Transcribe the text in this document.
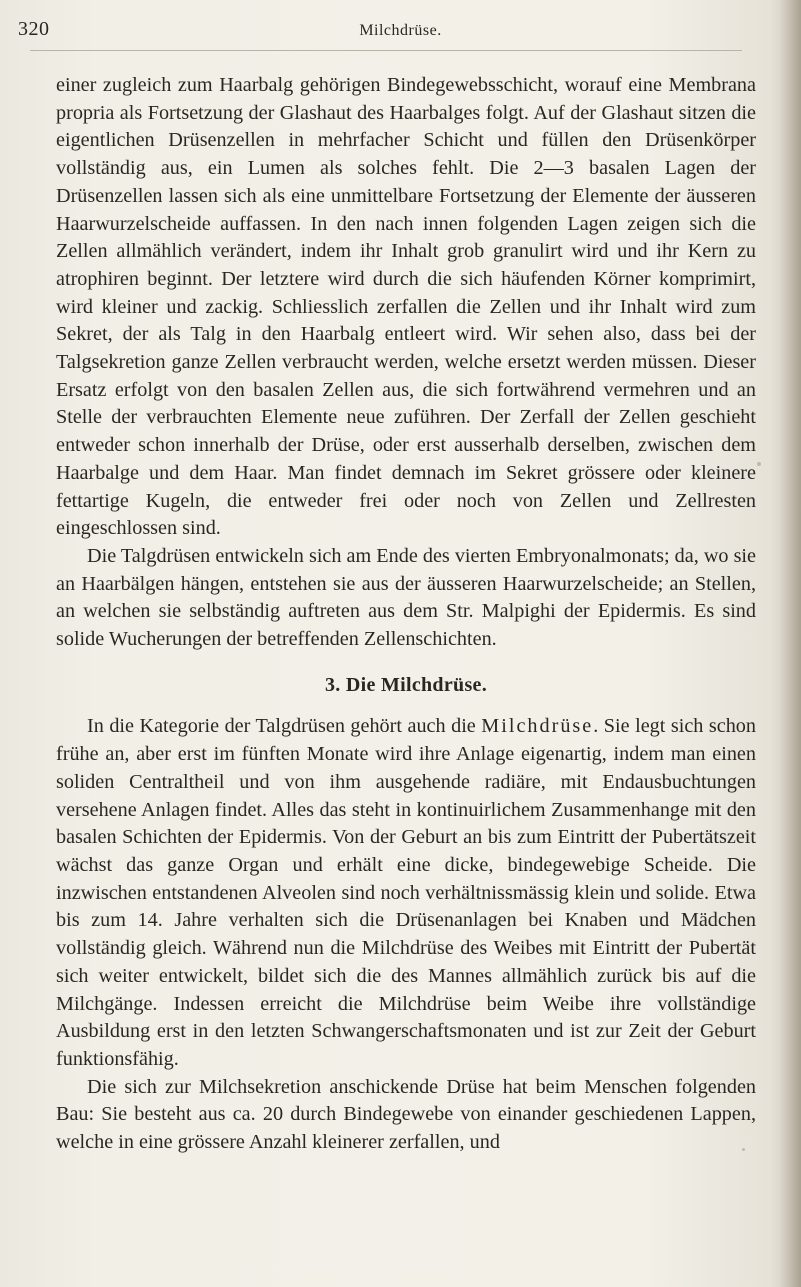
320	Milchdrüse.

einer zugleich zum Haarbalg gehörigen Bindegewebsschicht, worauf eine Membrana propria als Fortsetzung der Glashaut des Haarbalges folgt. Auf der Glashaut sitzen die eigentlichen Drüsenzellen in mehrfacher Schicht und füllen den Drüsenkörper vollständig aus, ein Lumen als solches fehlt. Die 2—3 basalen Lagen der Drüsenzellen lassen sich als eine unmittelbare Fortsetzung der Elemente der äusseren Haarwurzelscheide auffassen. In den nach innen folgenden Lagen zeigen sich die Zellen allmählich verändert, indem ihr Inhalt grob granulirt wird und ihr Kern zu atrophiren beginnt. Der letztere wird durch die sich häufenden Körner komprimirt, wird kleiner und zackig. Schliesslich zerfallen die Zellen und ihr Inhalt wird zum Sekret, der als Talg in den Haarbalg entleert wird. Wir sehen also, dass bei der Talgsekretion ganze Zellen verbraucht werden, welche ersetzt werden müssen. Dieser Ersatz erfolgt von den basalen Zellen aus, die sich fortwährend vermehren und an Stelle der verbrauchten Elemente neue zuführen. Der Zerfall der Zellen geschieht entweder schon innerhalb der Drüse, oder erst ausserhalb derselben, zwischen dem Haarbalge und dem Haar. Man findet demnach im Sekret grössere oder kleinere fettartige Kugeln, die entweder frei oder noch von Zellen und Zellresten eingeschlossen sind.

Die Talgdrüsen entwickeln sich am Ende des vierten Embryonalmonats; da, wo sie an Haarbälgen hängen, entstehen sie aus der äusseren Haarwurzelscheide; an Stellen, an welchen sie selbständig auftreten aus dem Str. Malpighi der Epidermis. Es sind solide Wucherungen der betreffenden Zellenschichten.

3. Die Milchdrüse.

In die Kategorie der Talgdrüsen gehört auch die Milchdrüse. Sie legt sich schon frühe an, aber erst im fünften Monate wird ihre Anlage eigenartig, indem man einen soliden Centraltheil und von ihm ausgehende radiäre, mit Endausbuchtungen versehene Anlagen findet. Alles das steht in kontinuirlichem Zusammenhange mit den basalen Schichten der Epidermis. Von der Geburt an bis zum Eintritt der Pubertätszeit wächst das ganze Organ und erhält eine dicke, bindegewebige Scheide. Die inzwischen entstandenen Alveolen sind noch verhältnissmässig klein und solide. Etwa bis zum 14. Jahre verhalten sich die Drüsenanlagen bei Knaben und Mädchen vollständig gleich. Während nun die Milchdrüse des Weibes mit Eintritt der Pubertät sich weiter entwickelt, bildet sich die des Mannes allmählich zurück bis auf die Milchgänge. Indessen erreicht die Milchdrüse beim Weibe ihre vollständige Ausbildung erst in den letzten Schwangerschaftsmonaten und ist zur Zeit der Geburt funktionsfähig.

Die sich zur Milchsekretion anschickende Drüse hat beim Menschen folgenden Bau: Sie besteht aus ca. 20 durch Bindegewebe von einander geschiedenen Lappen, welche in eine grössere Anzahl kleinerer zerfallen, und
